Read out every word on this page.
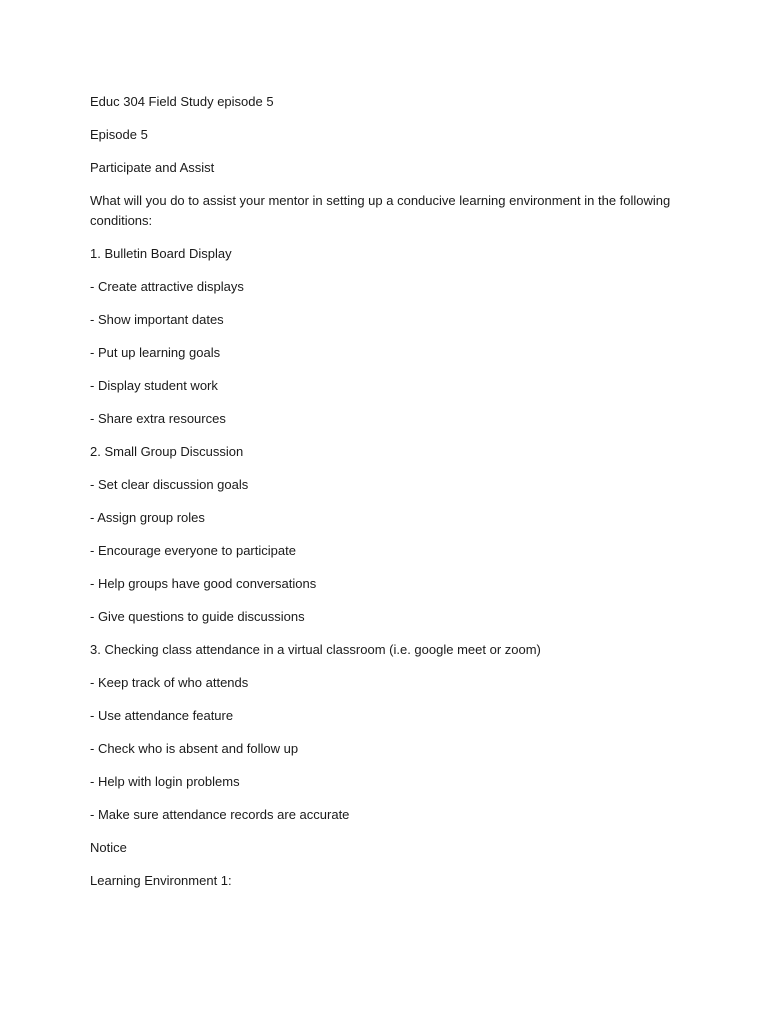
Educ 304 Field Study episode 5

Episode 5

Participate and Assist

What will you do to assist your mentor in setting up a conducive learning environment in the following conditions:

1. Bulletin Board Display

- Create attractive displays

- Show important dates

- Put up learning goals

- Display student work

- Share extra resources

2. Small Group Discussion

- Set clear discussion goals

- Assign group roles

- Encourage everyone to participate

- Help groups have good conversations

- Give questions to guide discussions

3. Checking class attendance in a virtual classroom (i.e. google meet or zoom)

- Keep track of who attends

- Use attendance feature

- Check who is absent and follow up

- Help with login problems

- Make sure attendance records are accurate

Notice

Learning Environment 1:
